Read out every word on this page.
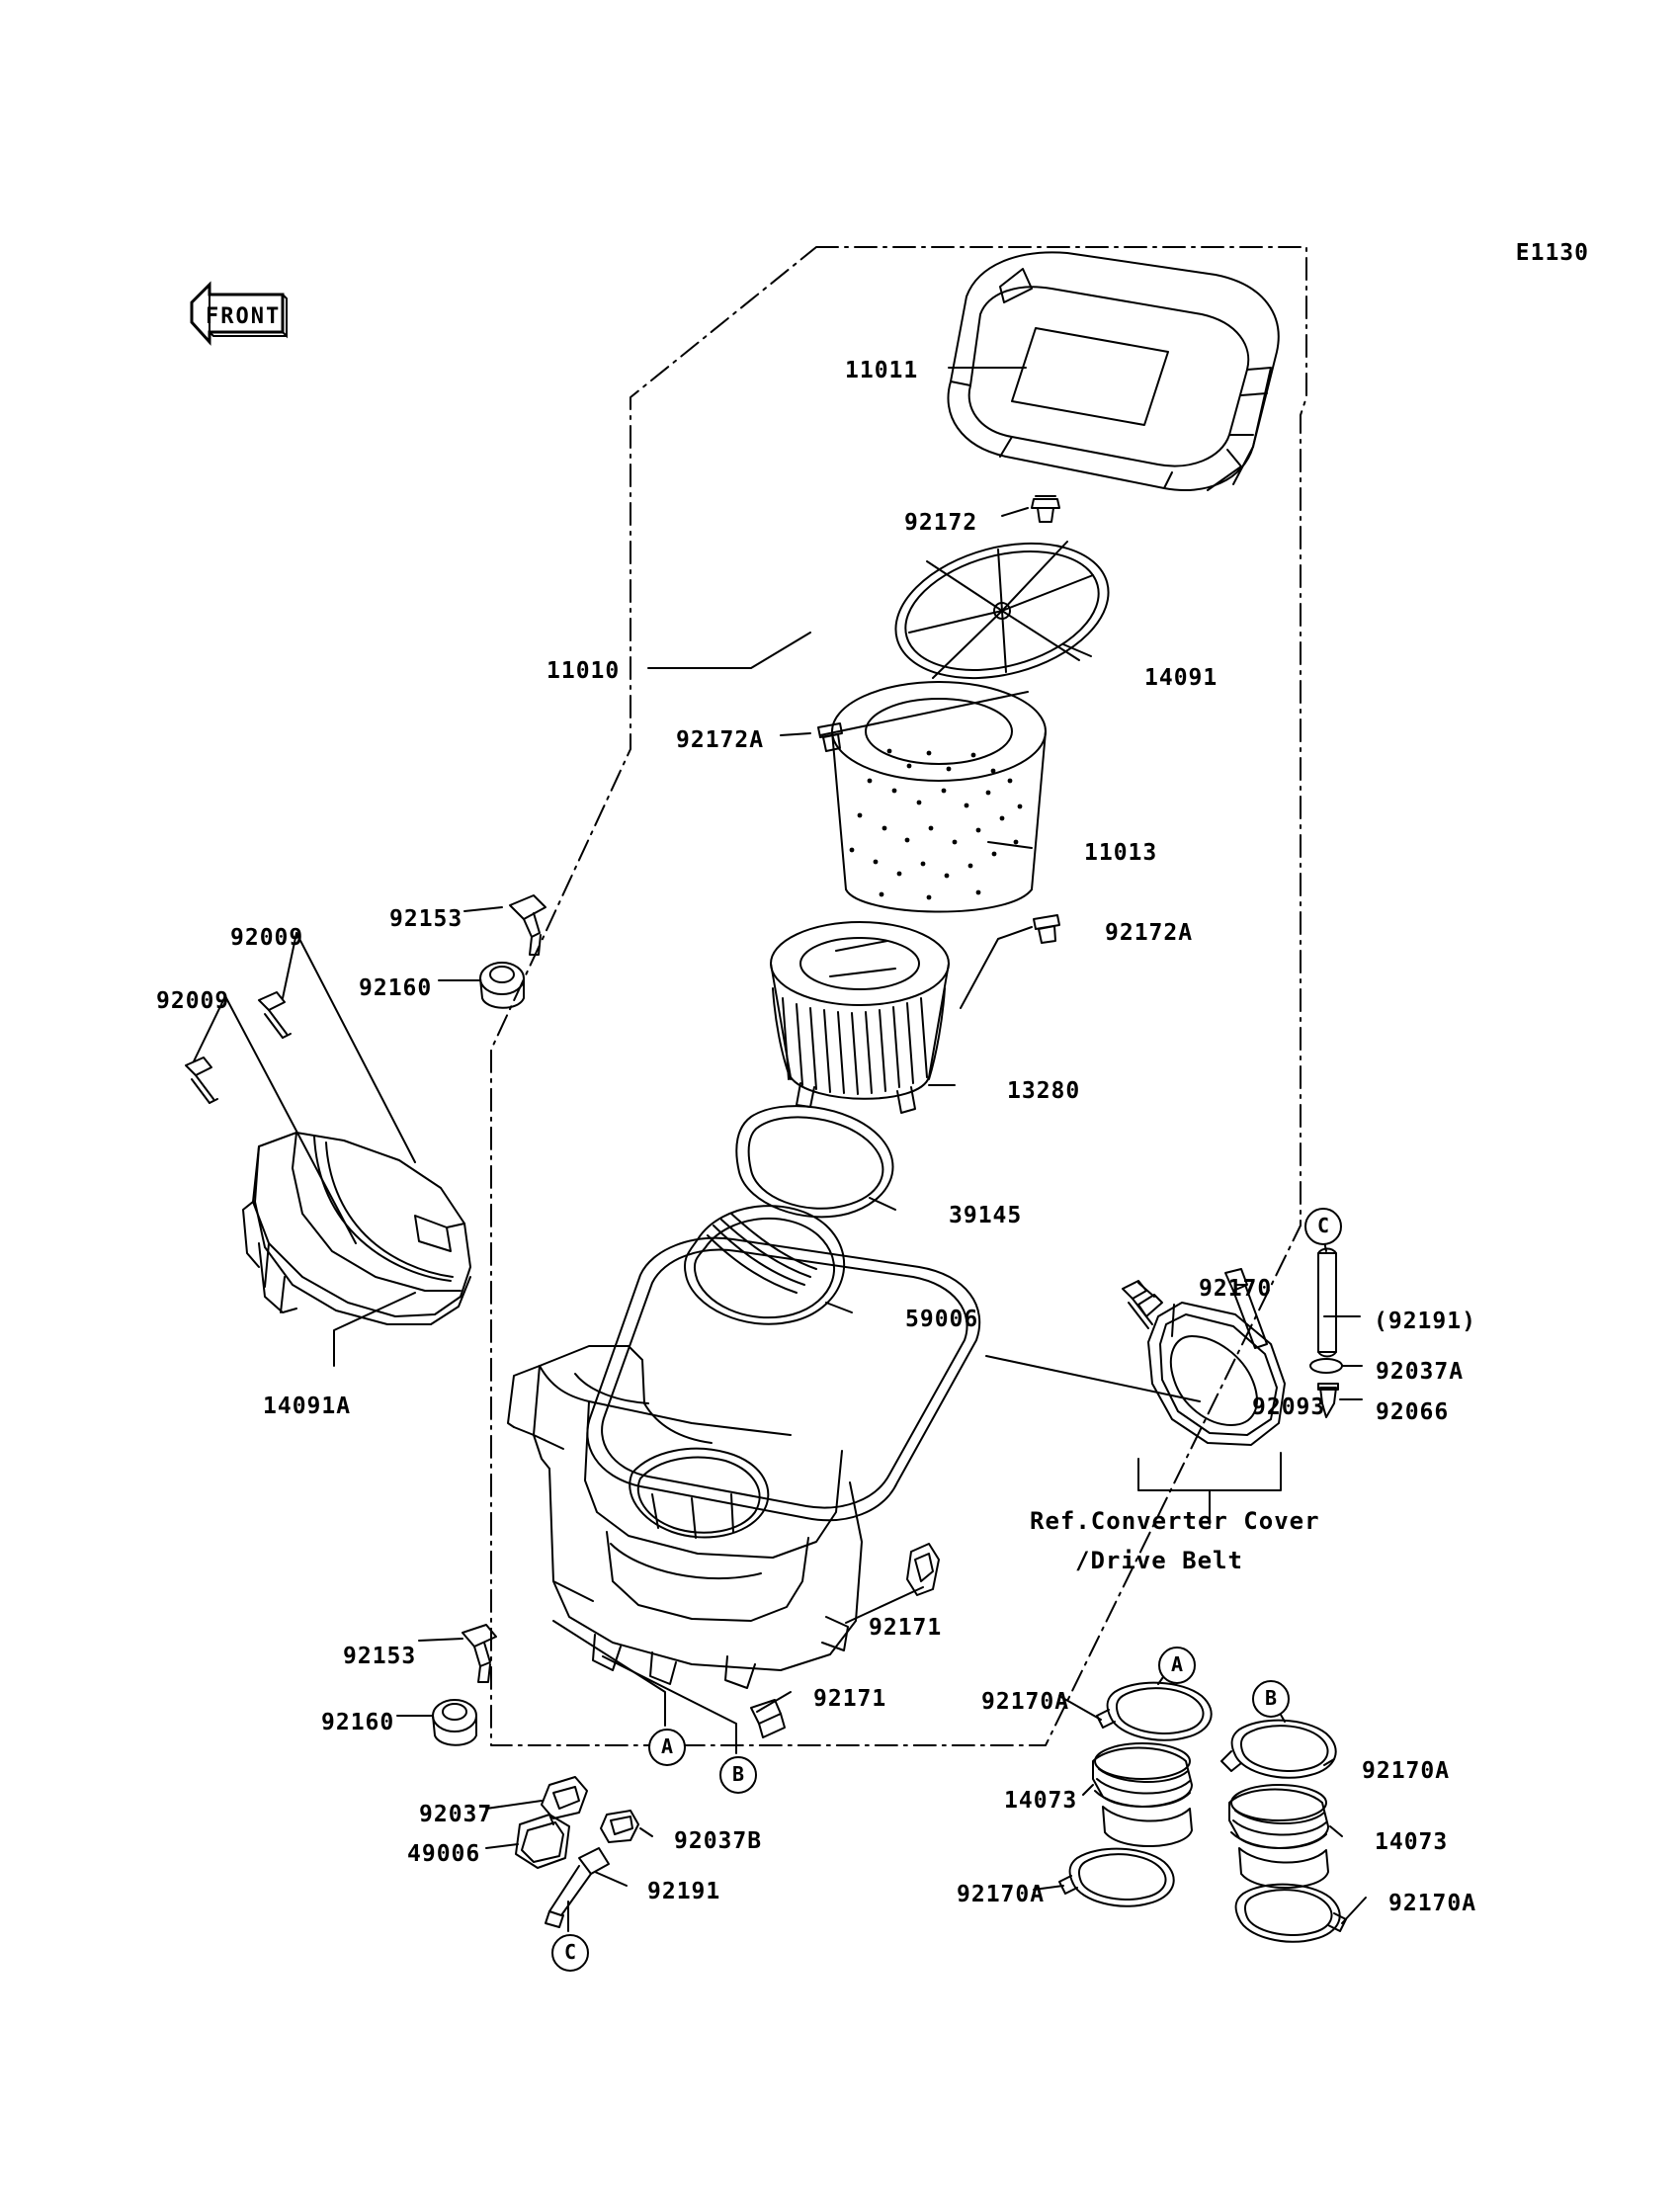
E1130
FRONT
11011
92172
14091
11010
92172A
11013
92153
92172A
92009
92160
92009
13280
39145
92170
(92191)
59006
92037A
14091A	92066
92093
92171
92153
92170A
92171
92170A
92160
14073
92037
14073
49006	92037B
92170A
92191	92170A
C
A
A
B
B
C
Ref.Converter Cover
/Drive Belt
